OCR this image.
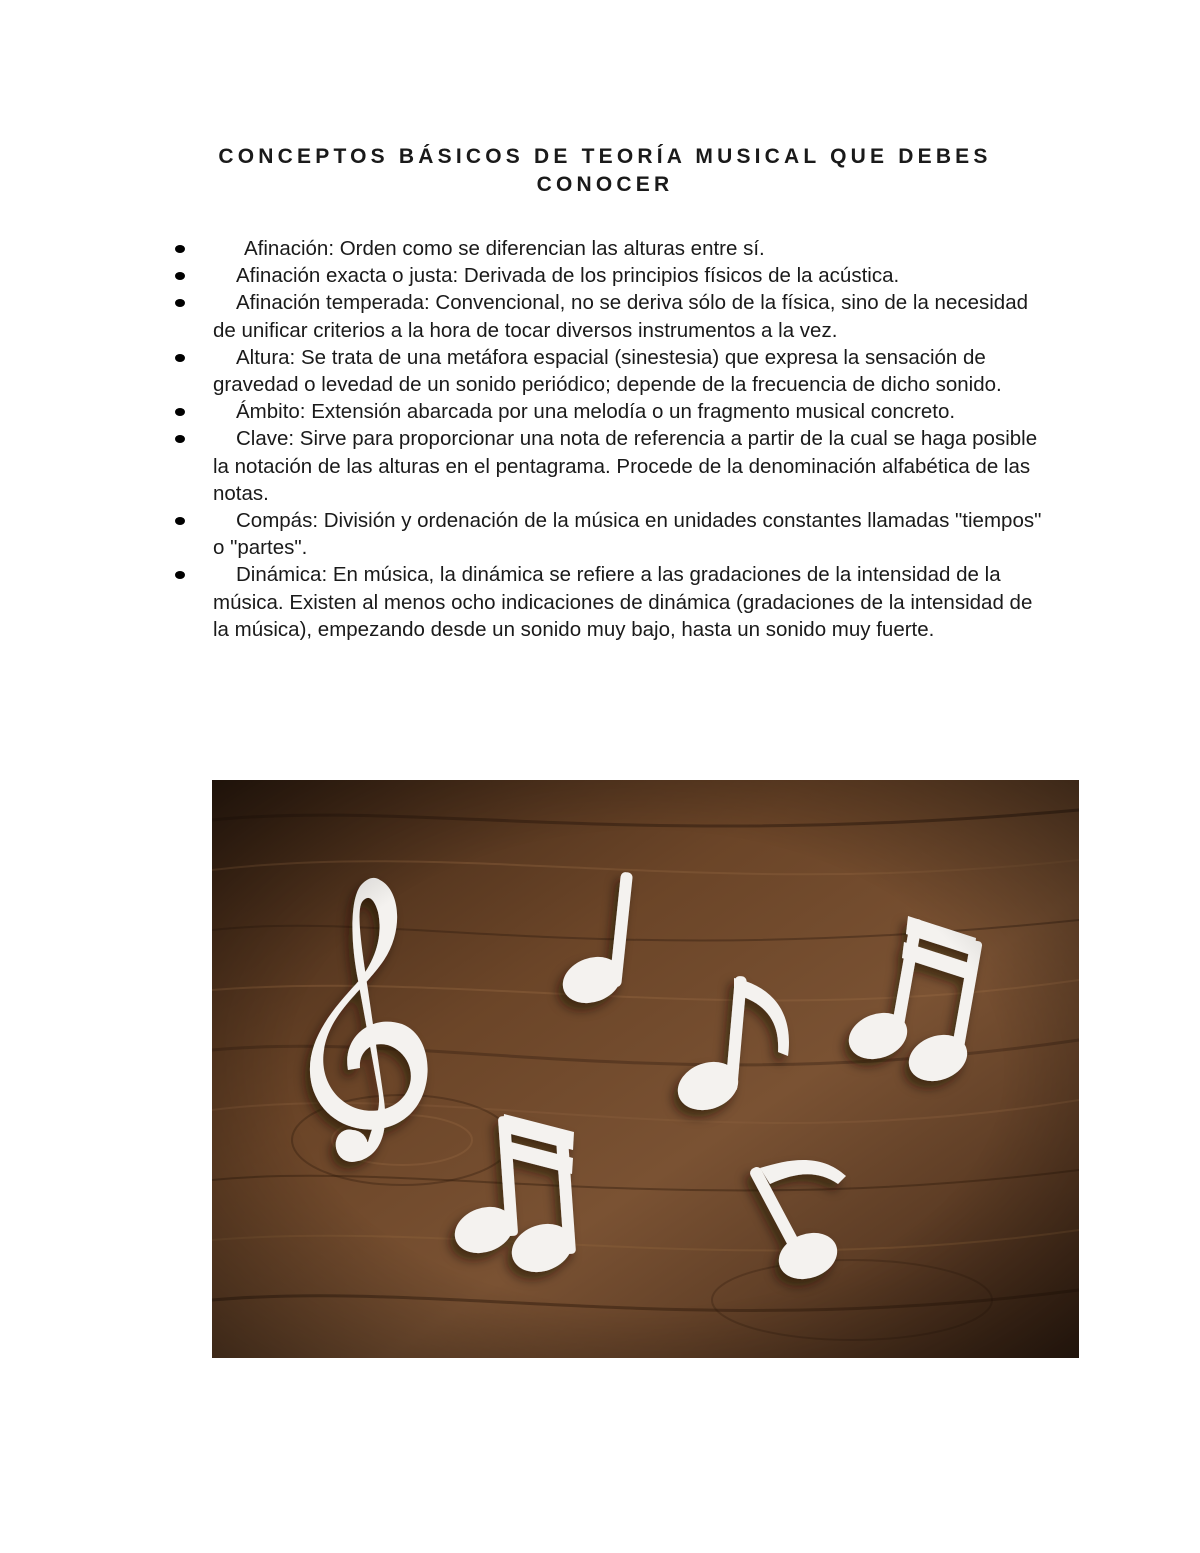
CONCEPTOS BÁSICOS DE TEORÍA MUSICAL QUE DEBES
CONOCER
Afinación: Orden como se diferencian las alturas entre sí.
Afinación exacta o justa: Derivada de los principios físicos de la acústica.
Afinación temperada: Convencional, no se deriva sólo de la física, sino de la necesidad de unificar criterios a la hora de tocar diversos instrumentos a la vez.
Altura: Se trata de una metáfora espacial (sinestesia) que expresa la sensación de gravedad o levedad de un sonido periódico; depende de la frecuencia de dicho sonido.
Ámbito: Extensión abarcada por una melodía o un fragmento musical concreto.
Clave: Sirve para proporcionar una nota de referencia a partir de la cual se haga posible la notación de las alturas en el pentagrama. Procede de la denominación alfabética de las notas.
Compás: División y ordenación de la música en unidades constantes llamadas "tiempos" o "partes".
Dinámica: En música, la dinámica se refiere a las gradaciones de la intensidad de la música. Existen al menos ocho indicaciones de dinámica (gradaciones de la intensidad de la música), empezando desde un sonido muy bajo, hasta un sonido muy fuerte.
